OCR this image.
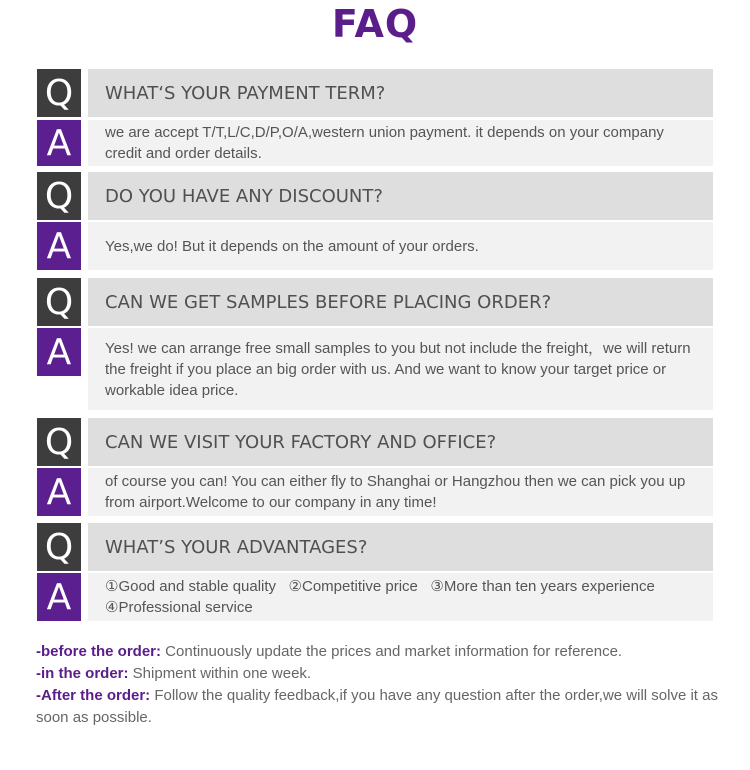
FAQ
Q	WHAT‘S YOUR PAYMENT TERM?
A	we are accept T/T,L/C,D/P,O/A,western union payment. it depends on your company credit and order details.
Q	DO YOU HAVE ANY DISCOUNT?
A	Yes,we do! But it depends on the amount of your orders.
Q	CAN WE GET SAMPLES BEFORE PLACING ORDER?
A	Yes! we can arrange free small samples to you but not include the freight，we will return the freight if you place an big order with us. And we want to know your target price or workable idea price.
Q	CAN WE VISIT YOUR FACTORY AND OFFICE?
A	of course you can! You can either fly to Shanghai or Hangzhou then we can pick you up from airport.Welcome to our company in any time!
Q	WHAT’S YOUR ADVANTAGES?
A	①Good and stable quality   ②Competitive price   ③More than ten years experience   ④Professional service
-before the order: Continuously update the prices and market information for reference.
-in the order: Shipment within one week.
-After the order: Follow the quality feedback,if you have any question after the order,we will solve it as soon as possible.
